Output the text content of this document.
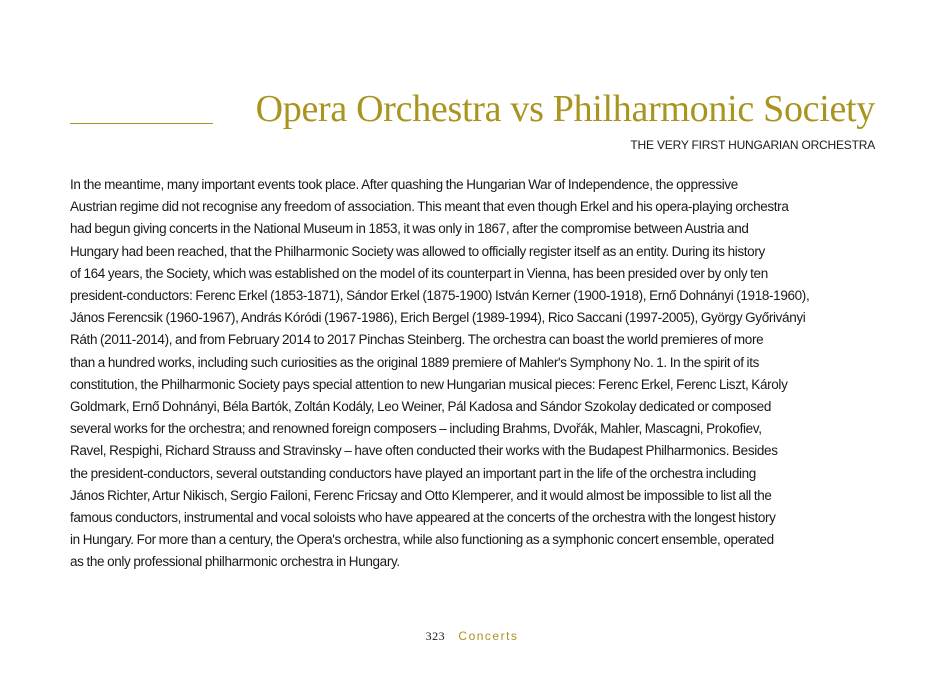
Opera Orchestra vs Philharmonic Society
THE VERY FIRST HUNGARIAN ORCHESTRA
In the meantime, many important events took place. After quashing the Hungarian War of Independence, the oppressive
Austrian regime did not recognise any freedom of association. This meant that even though Erkel and his opera-playing orchestra
had begun giving concerts in the National Museum in 1853, it was only in 1867, after the compromise between Austria and
Hungary had been reached, that the Philharmonic Society was allowed to officially register itself as an entity. During its history
of 164 years, the Society, which was established on the model of its counterpart in Vienna, has been presided over by only ten
president-conductors: Ferenc Erkel (1853-1871), Sándor Erkel (1875-1900) István Kerner (1900-1918), Ernő Dohnányi (1918-1960),
János Ferencsik (1960-1967), András Kóródi (1967-1986), Erich Bergel (1989-1994), Rico Saccani (1997-2005), György Győriványi
Ráth (2011-2014), and from February 2014 to 2017 Pinchas Steinberg. The orchestra can boast the world premieres of more
than a hundred works, including such curiosities as the original 1889 premiere of Mahler's Symphony No. 1. In the spirit of its
constitution, the Philharmonic Society pays special attention to new Hungarian musical pieces: Ferenc Erkel, Ferenc Liszt, Károly
Goldmark, Ernő Dohnányi, Béla Bartók, Zoltán Kodály, Leo Weiner, Pál Kadosa and Sándor Szokolay dedicated or composed
several works for the orchestra; and renowned foreign composers – including Brahms, Dvořák, Mahler, Mascagni, Prokofiev,
Ravel, Respighi, Richard Strauss and Stravinsky – have often conducted their works with the Budapest Philharmonics. Besides
the president-conductors, several outstanding conductors have played an important part in the life of the orchestra including
János Richter, Artur Nikisch, Sergio Failoni, Ferenc Fricsay and Otto Klemperer, and it would almost be impossible to list all the
famous conductors, instrumental and vocal soloists who have appeared at the concerts of the orchestra with the longest history
in Hungary. For more than a century, the Opera's orchestra, while also functioning as a symphonic concert ensemble, operated
as the only professional philharmonic orchestra in Hungary.
323 Concerts
